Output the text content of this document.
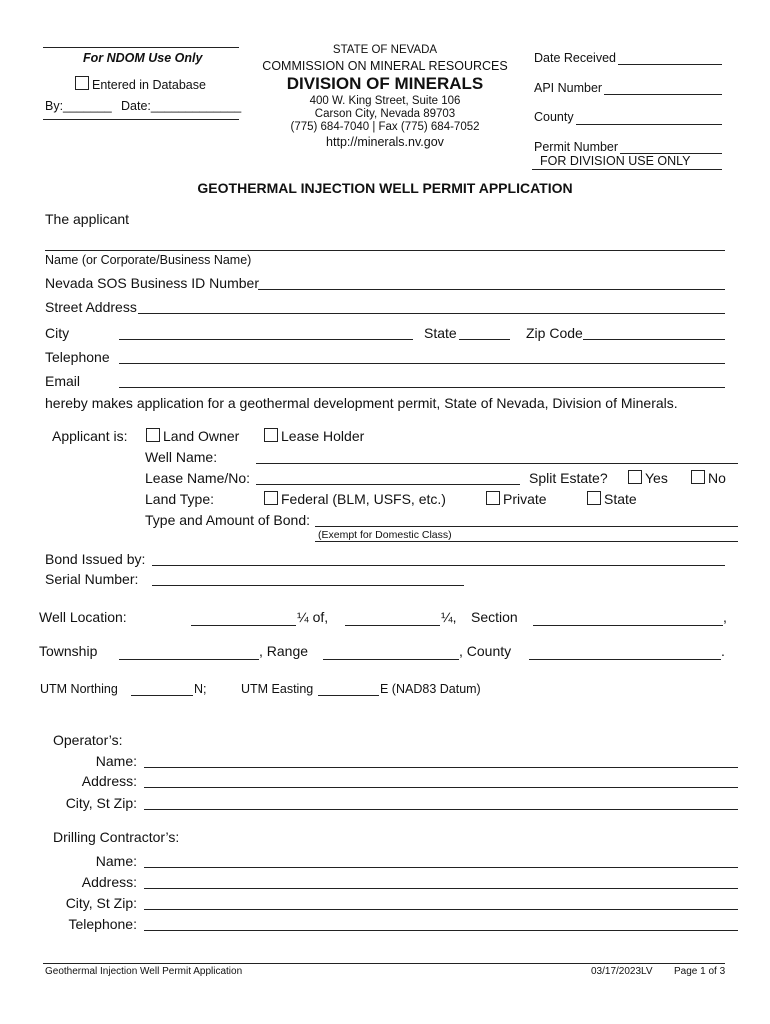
For NDOM Use Only
Entered in Database
By:_______ Date:_____________
STATE OF NEVADA
COMMISSION ON MINERAL RESOURCES
DIVISION OF MINERALS
400 W. King Street, Suite 106
Carson City, Nevada 89703
(775) 684-7040 | Fax (775) 684-7052
http://minerals.nv.gov
Date Received
API Number
County
Permit Number
FOR DIVISION USE ONLY
GEOTHERMAL INJECTION WELL PERMIT APPLICATION
The applicant
Name (or Corporate/Business Name)
Nevada SOS Business ID Number
Street Address
City	State	Zip Code
Telephone
Email
hereby makes application for a geothermal development permit, State of Nevada, Division of Minerals.
Applicant is:	Land Owner	Lease Holder
Well Name:
Lease Name/No:	Split Estate?	Yes	No
Land Type:	Federal (BLM, USFS, etc.)	Private	State
Type and Amount of Bond:
(Exempt for Domestic Class)
Bond Issued by:
Serial Number:
Well Location:	¼ of,	¼, Section	,
Township	, Range	, County	.
UTM Northing	N;	UTM Easting	E (NAD83 Datum)
Operator’s:
Name:
Address:
City, St Zip:
Drilling Contractor’s:
Name:
Address:
City, St Zip:
Telephone:
Geothermal Injection Well Permit Application	03/17/2023LV Page 1 of 3
